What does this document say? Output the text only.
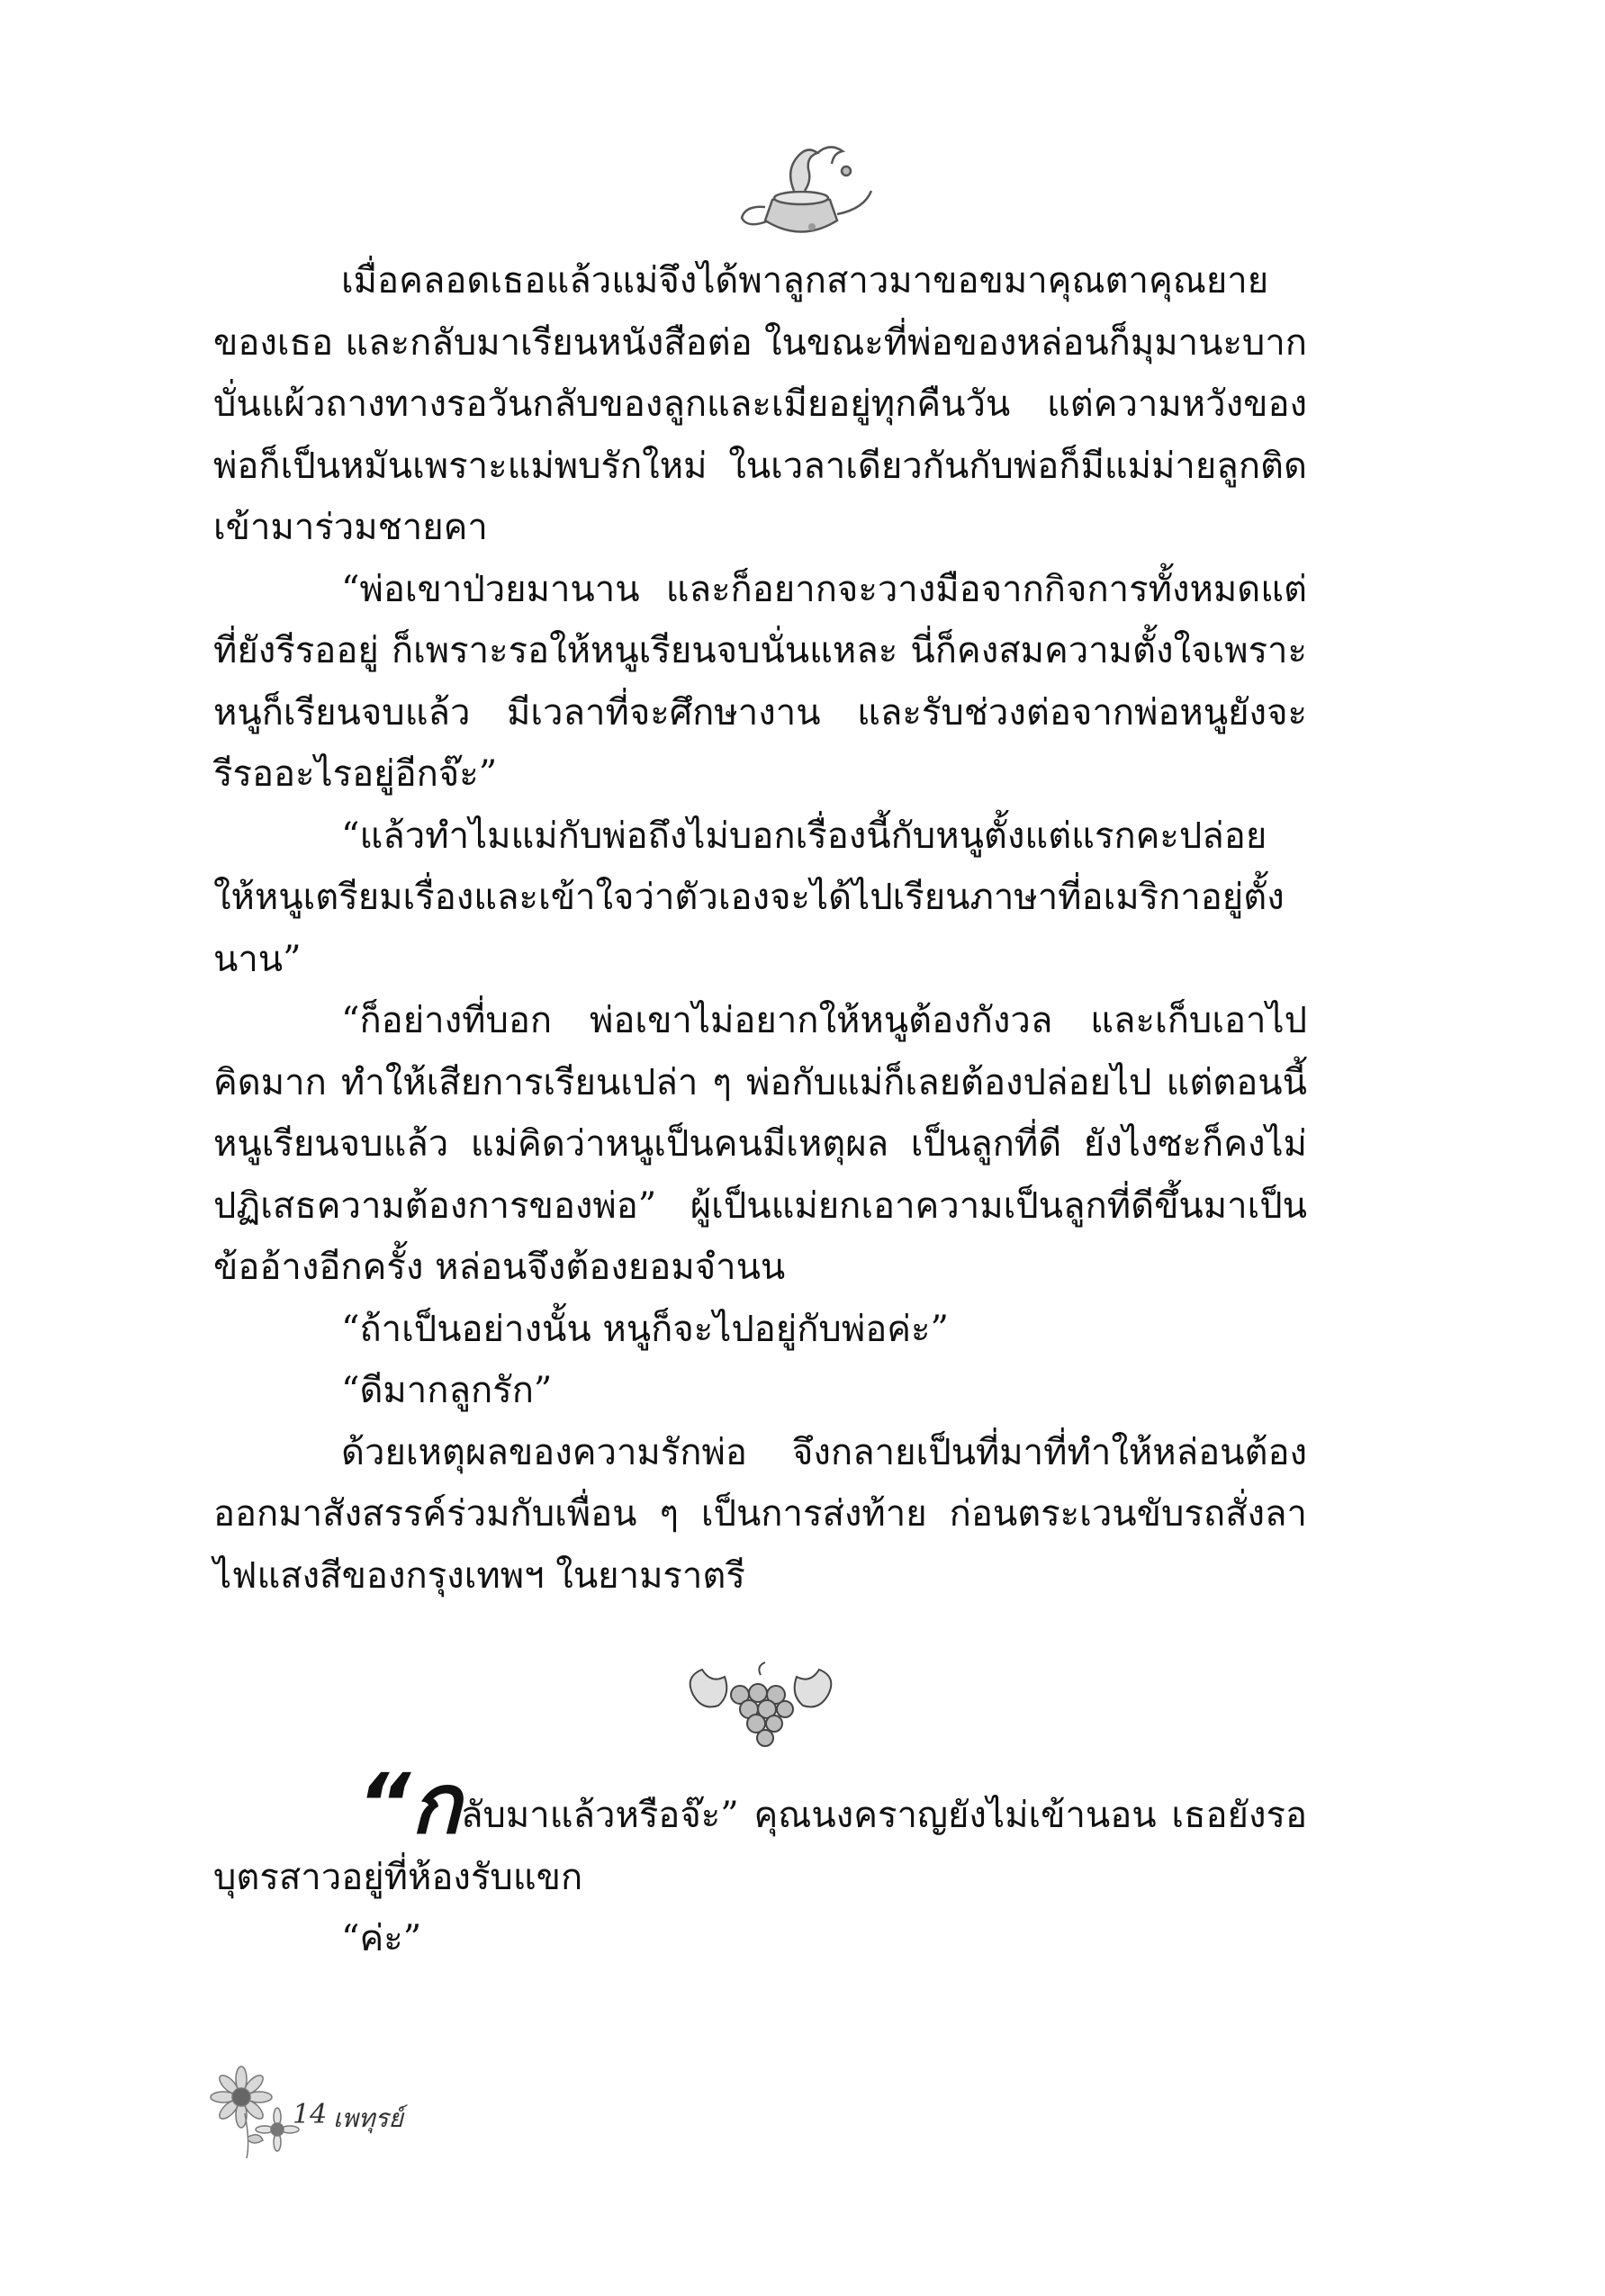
เมื่อคลอดเธอแล้วแม่จึงได้พาลูกสาวมาขอขมาคุณตาคุณยายของเธอ และกลับมาเรียนหนังสือต่อ ในขณะที่พ่อของหล่อนก็มุมานะบากบั่นแผ้วถางทางรอวันกลับของลูกและเมียอยู่ทุกคืนวัน แต่ความหวังของพ่อก็เป็นหมันเพราะแม่พบรักใหม่ ในเวลาเดียวกันกับพ่อก็มีแม่ม่ายลูกติดเข้ามาร่วมชายคา

“พ่อเขาป่วยมานาน และก็อยากจะวางมือจากกิจการทั้งหมดแต่ที่ยังรีรออยู่ ก็เพราะรอให้หนูเรียนจบนั่นแหละ นี่ก็คงสมความตั้งใจเพราะหนูก็เรียนจบแล้ว มีเวลาที่จะศึกษางาน และรับช่วงต่อจากพ่อหนูยังจะรีรออะไรอยู่อีกจ๊ะ”

“แล้วทำไมแม่กับพ่อถึงไม่บอกเรื่องนี้กับหนูตั้งแต่แรกคะปล่อยให้หนูเตรียมเรื่องและเข้าใจว่าตัวเองจะได้ไปเรียนภาษาที่อเมริกาอยู่ตั้งนาน”

“ก็อย่างที่บอก พ่อเขาไม่อยากให้หนูต้องกังวล และเก็บเอาไปคิดมาก ทำให้เสียการเรียนเปล่า ๆ พ่อกับแม่ก็เลยต้องปล่อยไป แต่ตอนนี้หนูเรียนจบแล้ว แม่คิดว่าหนูเป็นคนมีเหตุผล เป็นลูกที่ดี ยังไงซะก็คงไม่ปฏิเสธความต้องการของพ่อ” ผู้เป็นแม่ยกเอาความเป็นลูกที่ดีขึ้นมาเป็นข้ออ้างอีกครั้ง หล่อนจึงต้องยอมจำนน

“ถ้าเป็นอย่างนั้น หนูก็จะไปอยู่กับพ่อค่ะ”

“ดีมากลูกรัก”

ด้วยเหตุผลของความรักพ่อ จึงกลายเป็นที่มาที่ทำให้หล่อนต้องออกมาสังสรรค์ร่วมกับเพื่อน ๆ เป็นการส่งท้าย ก่อนตระเวนขับรถสั่งลาไฟแสงสีของกรุงเทพฯ ในยามราตรี

“กลับมาแล้วหรือจ๊ะ” คุณนงคราญยังไม่เข้านอน เธอยังรอบุตรสาวอยู่ที่ห้องรับแขก

“ค่ะ”

14 เพทุรย์
